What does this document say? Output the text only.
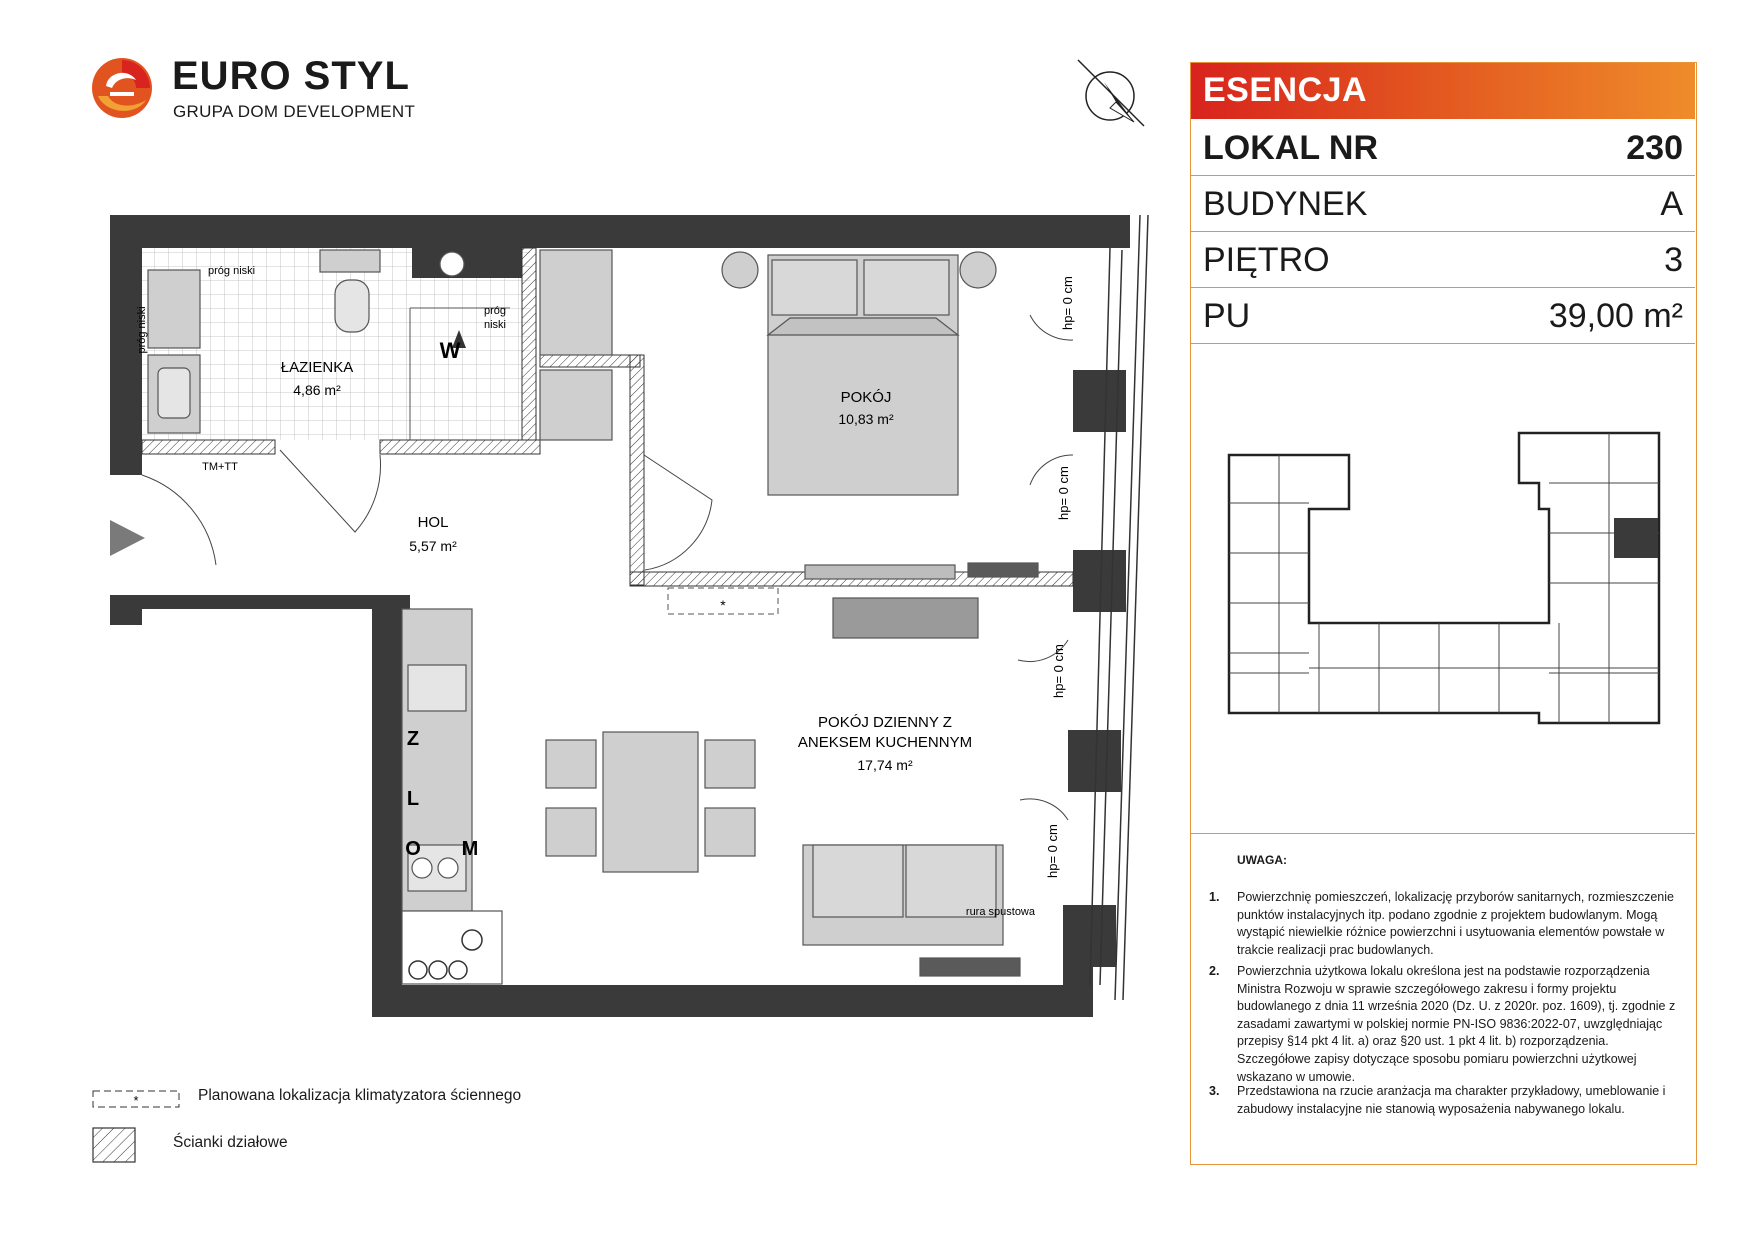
EURO STYL
GRUPA DOM DEVELOPMENT
W
Z
L
O M
*
ŁAZIENKA
4,86 m²	POKÓJ
10,83 m²
HOL
5,57 m²
POKÓJ DZIENNY Z
ANEKSEM KUCHENNYM
17,74 m²
próg niski
próg
niski
TM+TT
rura spustowa
hp= 0 cm
hp= 0 cm
hp= 0 cm
hp= 0 cm
próg niski
ESENCJA
LOKAL NR	230
BUDYNEK	A
PIĘTRO	3
PU	39,00 m²
UWAGA:
1. Powierzchnię pomieszczeń, lokalizację przyborów sanitarnych, rozmieszczenie punktów instalacyjnych itp. podano zgodnie z projektem budowlanym. Mogą wystąpić niewielkie różnice powierzchni i usytuowania elementów powstałe w trakcie realizacji prac budowlanych.
2. Powierzchnia użytkowa lokalu określona jest na podstawie rozporządzenia Ministra Rozwoju w sprawie szczegółowego zakresu i formy projektu budowlanego z dnia 11 września 2020 (Dz. U. z 2020r. poz. 1609), tj. zgodnie z zasadami zawartymi w polskiej normie PN-ISO 9836:2022-07, uwzględniając przepisy §14 pkt 4 lit. a) oraz §20 ust. 1 pkt 4 lit. b) rozporządzenia. Szczegółowe zapisy dotyczące sposobu pomiaru powierzchni użytkowej wskazano w umowie.
3. Przedstawiona na rzucie aranżacja ma charakter przykładowy, umeblowanie i zabudowy instalacyjne nie stanowią wyposażenia nabywanego lokalu.
*	Planowana lokalizacja klimatyzatora ściennego
Ścianki działowe
